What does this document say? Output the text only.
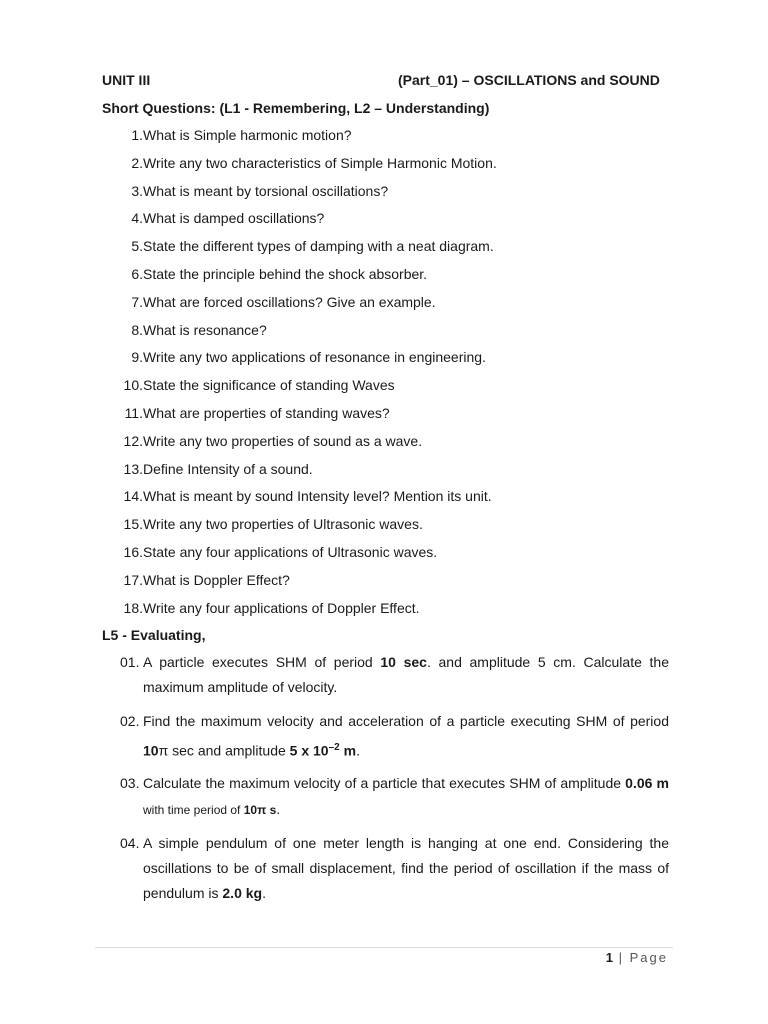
UNIT III	(Part_01) – OSCILLATIONS and SOUND
Short Questions: (L1 - Remembering, L2 – Understanding)
1. What is Simple harmonic motion?
2. Write any two characteristics of Simple Harmonic Motion.
3. What is meant by torsional oscillations?
4. What is damped oscillations?
5. State the different types of damping with a neat diagram.
6. State the principle behind the shock absorber.
7. What are forced oscillations? Give an example.
8. What is resonance?
9. Write any two applications of resonance in engineering.
10. State the significance of standing Waves
11. What are properties of standing waves?
12. Write any two properties of sound as a wave.
13. Define Intensity of a sound.
14. What is meant by sound Intensity level? Mention its unit.
15. Write any two properties of Ultrasonic waves.
16. State any four applications of Ultrasonic waves.
17. What is Doppler Effect?
18. Write any four applications of Doppler Effect.
L5 - Evaluating,
01. A particle executes SHM of period 10 sec. and amplitude 5 cm. Calculate the maximum amplitude of velocity.
02. Find the maximum velocity and acceleration of a particle executing SHM of period 10π sec and amplitude 5 x $10^{-2}$ m.
03. Calculate the maximum velocity of a particle that executes SHM of amplitude 0.06 m with time period of 10π s.
04. A simple pendulum of one meter length is hanging at one end. Considering the oscillations to be of small displacement, find the period of oscillation if the mass of pendulum is 2.0 kg.
1 | Page
